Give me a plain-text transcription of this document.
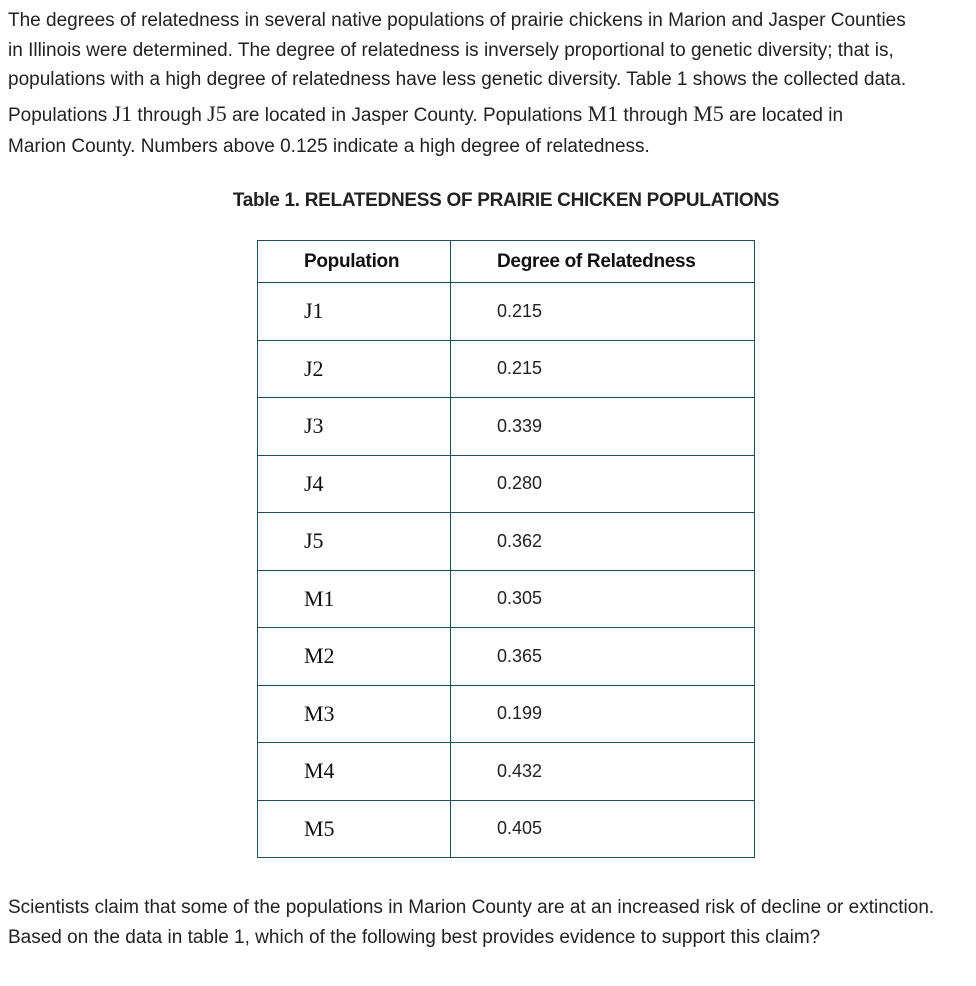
The degrees of relatedness in several native populations of prairie chickens in Marion and Jasper Counties
in Illinois were determined. The degree of relatedness is inversely proportional to genetic diversity; that is,
populations with a high degree of relatedness have less genetic diversity. Table 1 shows the collected data.
Populations J1 through J5 are located in Jasper County. Populations M1 through M5 are located in
Marion County. Numbers above 0.125 indicate a high degree of relatedness.
Table 1. RELATEDNESS OF PRAIRIE CHICKEN POPULATIONS
Population	Degree of Relatedness
J1	0.215
J2	0.215
J3	0.339
J4	0.280
J5	0.362
M1	0.305
M2	0.365
M3	0.199
M4	0.432
M5	0.405
Scientists claim that some of the populations in Marion County are at an increased risk of decline or extinction. Based on the data in table 1, which of the following best provides evidence to support this claim?
